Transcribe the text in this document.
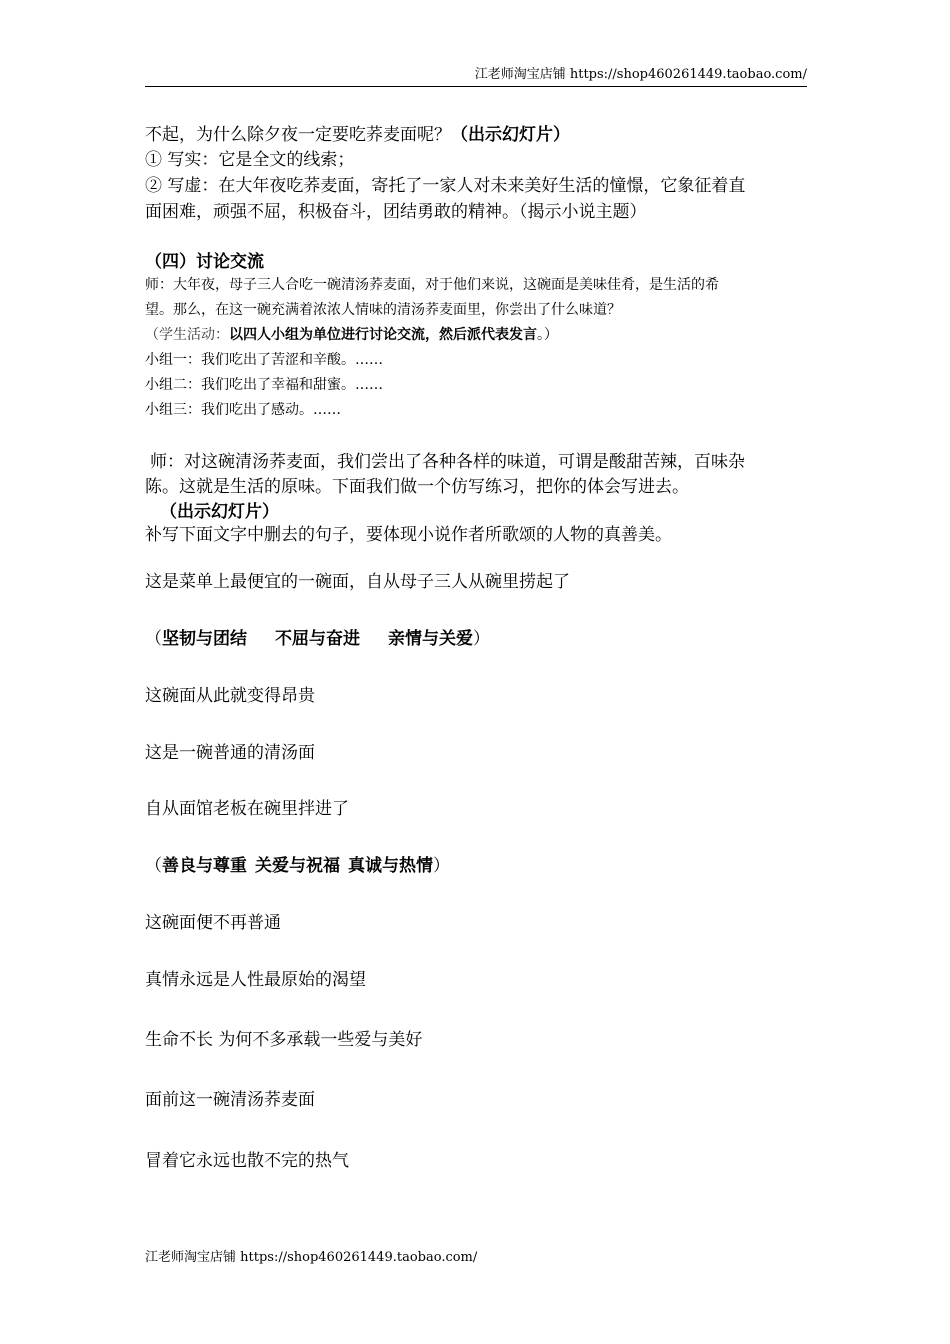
江老师淘宝店铺 https://shop460261449.taobao.com/
不起，为什么除夕夜一定要吃荞麦面呢？（出示幻灯片）
① 写实：它是全文的线索；
② 写虚：在大年夜吃荞麦面，寄托了一家人对未来美好生活的憧憬，它象征着直
面困难，顽强不屈，积极奋斗，团结勇敢的精神。（揭示小说主题）
（四）讨论交流
师：大年夜，母子三人合吃一碗清汤荞麦面，对于他们来说，这碗面是美味佳肴，是生活的希
望。那么，在这一碗充满着浓浓人情味的清汤荞麦面里，你尝出了什么味道？
（学生活动：以四人小组为单位进行讨论交流，然后派代表发言。）
小组一：我们吃出了苦涩和辛酸。……
小组二：我们吃出了幸福和甜蜜。……
小组三：我们吃出了感动。……
师：对这碗清汤荞麦面，我们尝出了各种各样的味道，可谓是酸甜苦辣，百味杂
陈。这就是生活的原味。下面我们做一个仿写练习，把你的体会写进去。
（出示幻灯片）
补写下面文字中删去的句子，要体现小说作者所歌颂的人物的真善美。
这是菜单上最便宜的一碗面，自从母子三人从碗里捞起了
（坚韧与团结 不屈与奋进 亲情与关爱）
这碗面从此就变得昂贵
这是一碗普通的清汤面
自从面馆老板在碗里拌进了
（善良与尊重 关爱与祝福 真诚与热情）
这碗面便不再普通
真情永远是人性最原始的渴望
生命不长 为何不多承载一些爱与美好
面前这一碗清汤荞麦面
冒着它永远也散不完的热气
江老师淘宝店铺 https://shop460261449.taobao.com/
